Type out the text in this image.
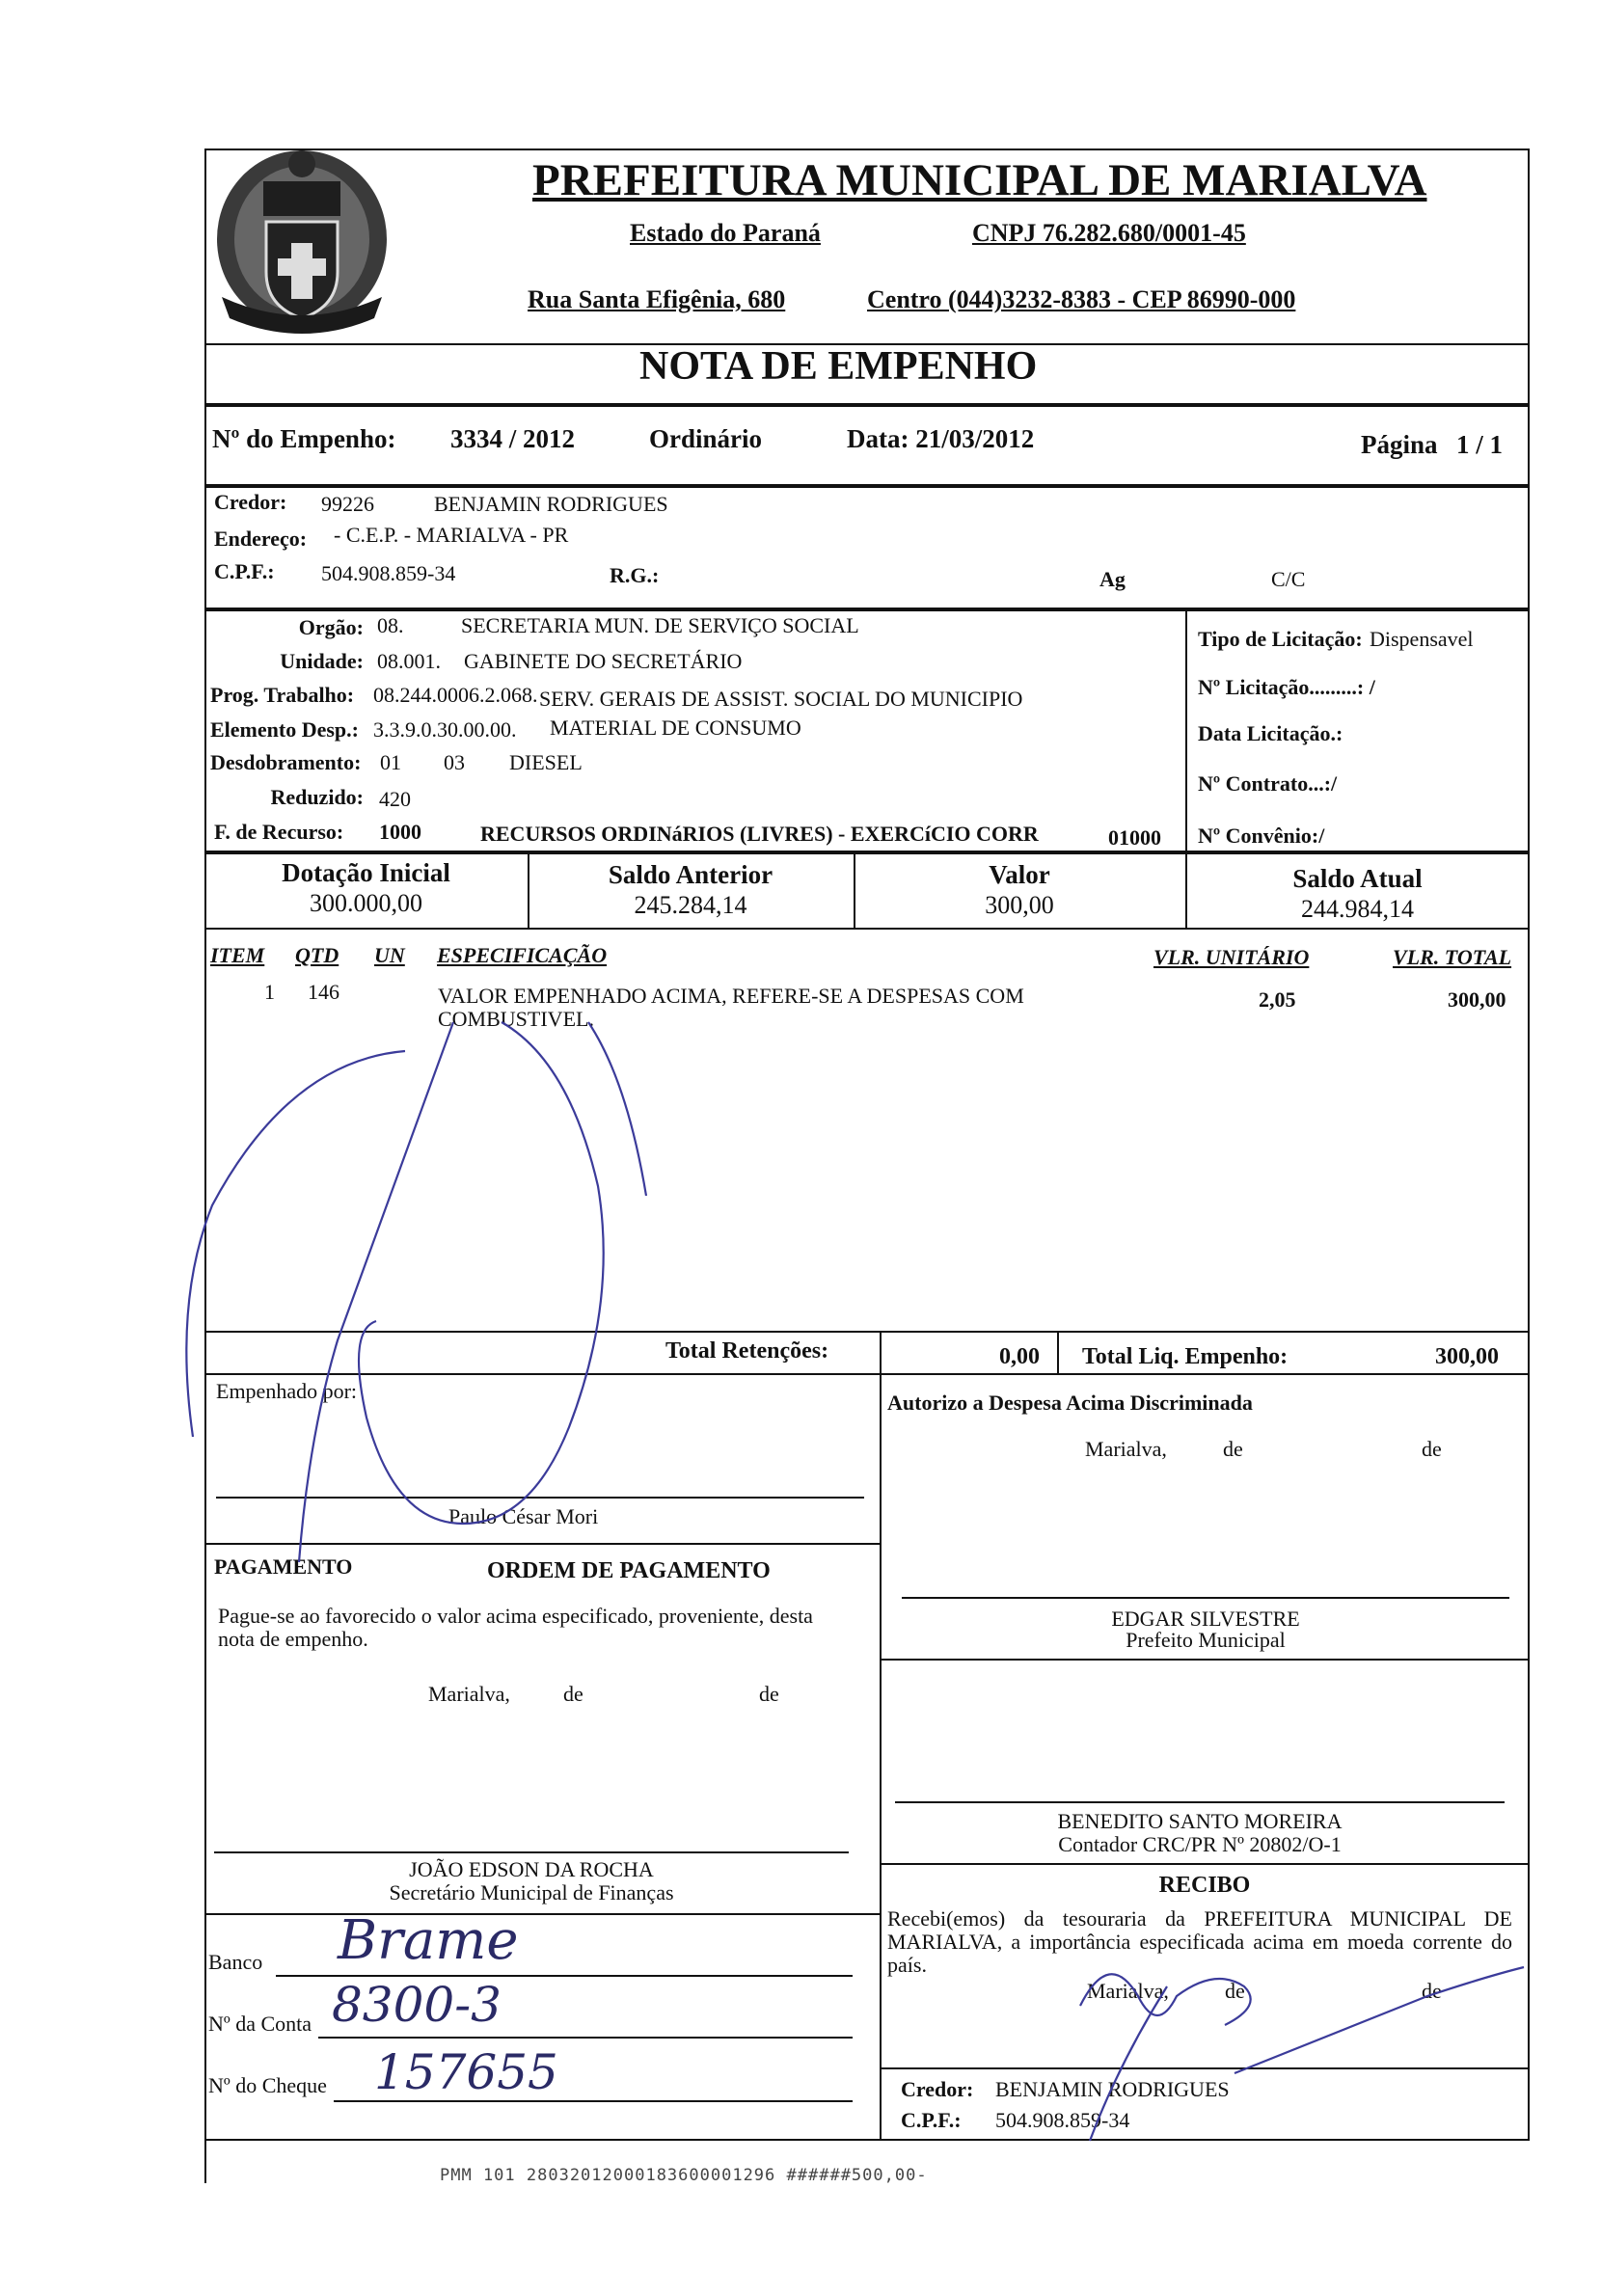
PREFEITURA MUNICIPAL DE MARIALVA
Estado do Paraná	CNPJ 76.282.680/0001-45
Rua Santa Efigênia, 680	Centro (044)3232-8383 - CEP 86990-000
NOTA DE EMPENHO
Nº do Empenho: 3334 / 2012	Ordinário	Data: 21/03/2012	Página 1 / 1
Credor: 99226	BENJAMIN RODRIGUES
Endereço: - C.E.P. - MARIALVA - PR
C.P.F.: 504.908.859-34	R.G.:	Ag	C/C
Orgão: 08.	SECRETARIA MUN. DE SERVIÇO SOCIAL
Unidade: 08.001. GABINETE DO SECRETÁRIO
Prog. Trabalho: 08.244.0006.2.068. SERV. GERAIS DE ASSIST. SOCIAL DO MUNICIPIO
Elemento Desp.: 3.3.9.0.30.00.00. MATERIAL DE CONSUMO
Desdobramento: 01 03 DIESEL
Reduzido: 420
F. de Recurso: 1000	RECURSOS ORDINáRIOS (LIVRES) - EXERCíCIO CORR	01000
Tipo de Licitação: Dispensavel
Nº Licitação.........: /
Data Licitação.:
Nº Contrato...:/
Nº Convênio:/
Dotação Inicial
300.000,00
Saldo Anterior
245.284,14
Valor
300,00
Saldo Atual
244.984,14
ITEM QTD UN ESPECIFICAÇÃO	VLR. UNITÁRIO	VLR. TOTAL
1 146	VALOR EMPENHADO ACIMA, REFERE-SE A DESPESAS COM
COMBUSTIVEL.
2,05	300,00
Total Retenções:	0,00 Total Liq. Empenho:	300,00
Empenhado por:
Paulo César Mori
Autorizo a Despesa Acima Discriminada
Marialva,	de	de
PAGAMENTO	ORDEM DE PAGAMENTO
Pague-se ao favorecido o valor acima especificado, proveniente, desta nota de empenho.
Marialva,	de	de
EDGAR SILVESTRE
Prefeito Municipal
BENEDITO SANTO MOREIRA
Contador CRC/PR Nº 20802/O-1
JOÃO EDSON DA ROCHA
Secretário Municipal de Finanças
Banco Brame
Nº da Conta 8300-3
Nº do Cheque 157655
RECIBO
Recebi(emos) da tesouraria da PREFEITURA MUNICIPAL DE MARIALVA, a importância especificada acima em moeda corrente do país.
Marialva,	de	de
Credor: BENJAMIN RODRIGUES
C.P.F.: 504.908.859-34
PMM 101 28032012000183600001296 ######500,00-
